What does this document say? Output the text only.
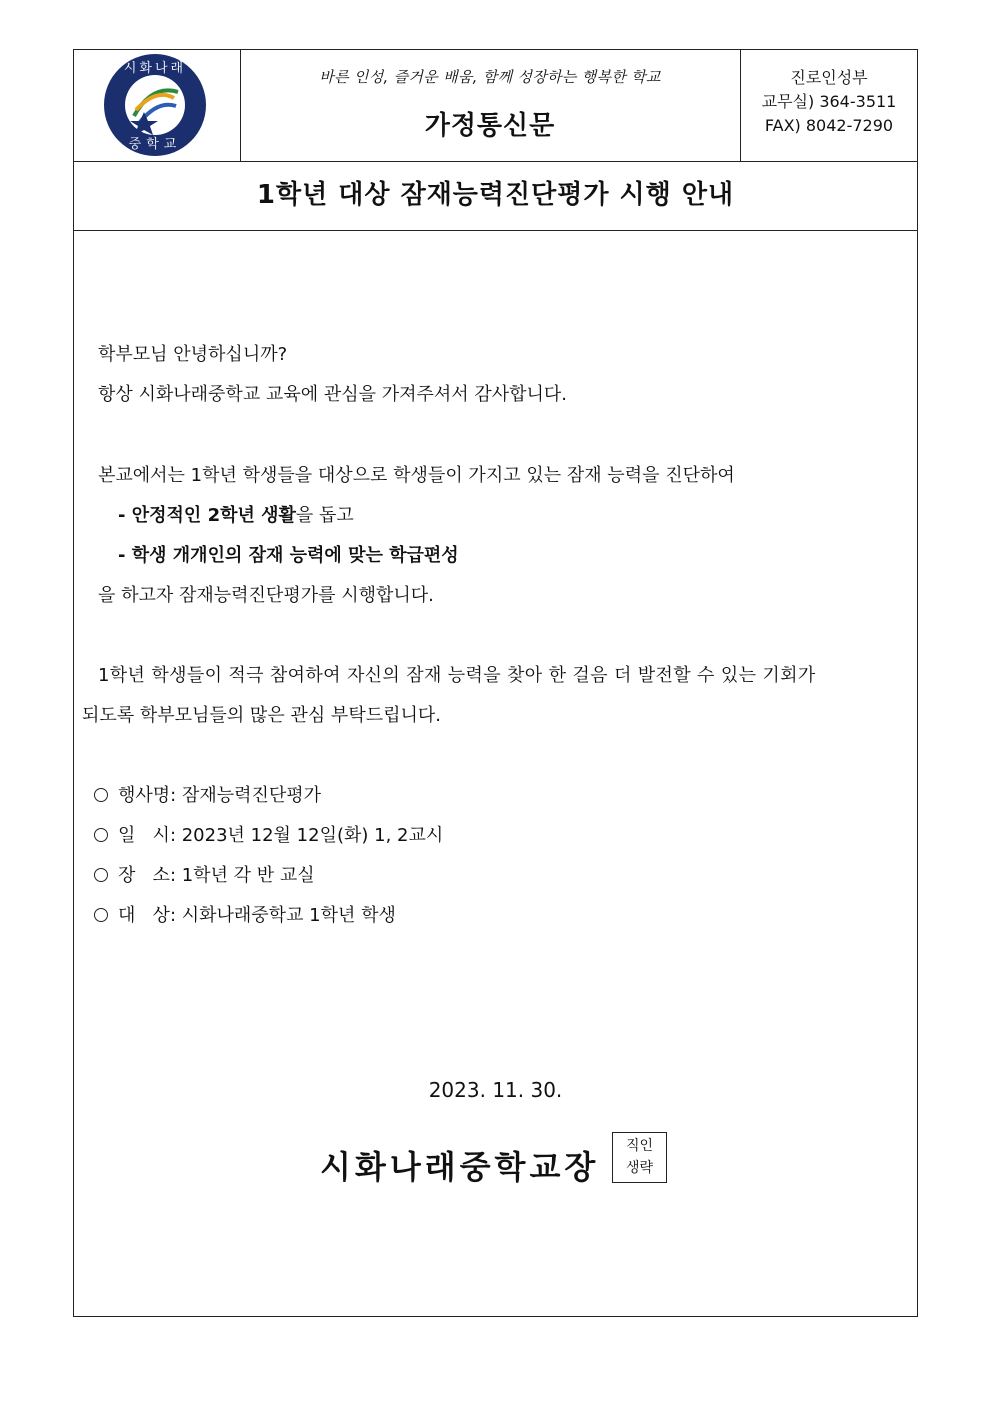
시화나래
중학교
바른 인성, 즐거운 배움, 함께 성장하는 행복한 학교
가정통신문
진로인성부
교무실) 364-3511
FAX) 8042-7290
1학년 대상 잠재능력진단평가 시행 안내
학부모님 안녕하십니까?
항상 시화나래중학교 교육에 관심을 가져주셔서 감사합니다.
본교에서는 1학년 학생들을 대상으로 학생들이 가지고 있는 잠재 능력을 진단하여
- 안정적인 2학년 생활을 돕고
- 학생 개개인의 잠재 능력에 맞는 학급편성
을 하고자 잠재능력진단평가를 시행합니다.
1학년 학생들이 적극 참여하여 자신의 잠재 능력을 찾아 한 걸음 더 발전할 수 있는 기회가
되도록 학부모님들의 많은 관심 부탁드립니다.
행사명: 잠재능력진단평가
일   시: 2023년 12월 12일(화) 1, 2교시
장   소: 1학년 각 반 교실
대   상: 시화나래중학교 1학년 학생
2023. 11. 30.
시화나래중학교장
직인
생략
